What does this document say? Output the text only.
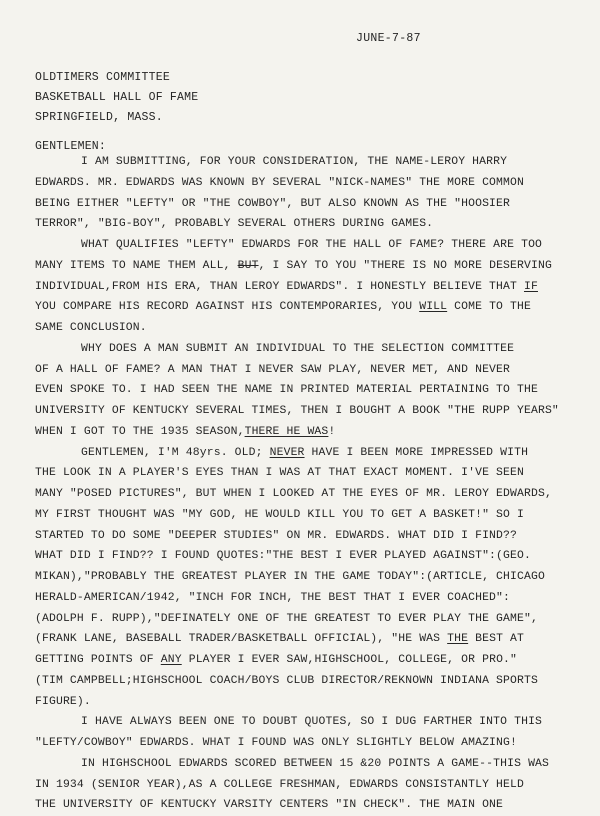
JUNE-7-87
OLDTIMERS COMMITTEE
BASKETBALL HALL OF FAME
SPRINGFIELD, MASS.
GENTLEMEN:
I AM SUBMITTING, FOR YOUR CONSIDERATION, THE NAME-LEROY HARRY
EDWARDS. MR. EDWARDS WAS KNOWN BY SEVERAL "NICK-NAMES" THE MORE COMMON
BEING EITHER "LEFTY" OR "THE COWBOY", BUT ALSO KNOWN AS THE "HOOSIER
TERROR", "BIG-BOY", PROBABLY SEVERAL OTHERS DURING GAMES.
WHAT QUALIFIES "LEFTY" EDWARDS FOR THE HALL OF FAME? THERE ARE TOO
MANY ITEMS TO NAME THEM ALL, BUT, I SAY TO YOU "THERE IS NO MORE DESERVING
INDIVIDUAL,FROM HIS ERA, THAN LEROY EDWARDS". I HONESTLY BELIEVE THAT IF
YOU COMPARE HIS RECORD AGAINST HIS CONTEMPORARIES, YOU WILL COME TO THE
SAME CONCLUSION.
WHY DOES A MAN SUBMIT AN INDIVIDUAL TO THE SELECTION COMMITTEE
OF A HALL OF FAME? A MAN THAT I NEVER SAW PLAY, NEVER MET, AND NEVER
EVEN SPOKE TO. I HAD SEEN THE NAME IN PRINTED MATERIAL PERTAINING TO THE
UNIVERSITY OF KENTUCKY SEVERAL TIMES, THEN I BOUGHT A BOOK "THE RUPP YEARS"
WHEN I GOT TO THE 1935 SEASON,THERE HE WAS!
GENTLEMEN, I'M 48yrs. OLD; NEVER HAVE I BEEN MORE IMPRESSED WITH
THE LOOK IN A PLAYER'S EYES THAN I WAS AT THAT EXACT MOMENT. I'VE SEEN
MANY "POSED PICTURES", BUT WHEN I LOOKED AT THE EYES OF MR. LEROY EDWARDS,
MY FIRST THOUGHT WAS "MY GOD, HE WOULD KILL YOU TO GET A BASKET!" SO I
STARTED TO DO SOME "DEEPER STUDIES" ON MR. EDWARDS. WHAT DID I FIND??
WHAT DID I FIND?? I FOUND QUOTES:"THE BEST I EVER PLAYED AGAINST":(GEO.
MIKAN),"PROBABLY THE GREATEST PLAYER IN THE GAME TODAY":(ARTICLE, CHICAGO
HERALD-AMERICAN/1942, "INCH FOR INCH, THE BEST THAT I EVER COACHED":
(ADOLPH F. RUPP),"DEFINATELY ONE OF THE GREATEST TO EVER PLAY THE GAME",
(FRANK LANE, BASEBALL TRADER/BASKETBALL OFFICIAL), "HE WAS THE BEST AT
GETTING POINTS OF ANY PLAYER I EVER SAW,HIGHSCHOOL, COLLEGE, OR PRO."
(TIM CAMPBELL;HIGHSCHOOL COACH/BOYS CLUB DIRECTOR/REKNOWN INDIANA SPORTS
FIGURE).
I HAVE ALWAYS BEEN ONE TO DOUBT QUOTES, SO I DUG FARTHER INTO THIS
"LEFTY/COWBOY" EDWARDS. WHAT I FOUND WAS ONLY SLIGHTLY BELOW AMAZING!
IN HIGHSCHOOL EDWARDS SCORED BETWEEN 15 &20 POINTS A GAME--THIS WAS
IN 1934 (SENIOR YEAR),AS A COLLEGE FRESHMAN, EDWARDS CONSISTANTLY HELD
THE UNIVERSITY OF KENTUCKY VARSITY CENTERS "IN CHECK". THE MAIN ONE
